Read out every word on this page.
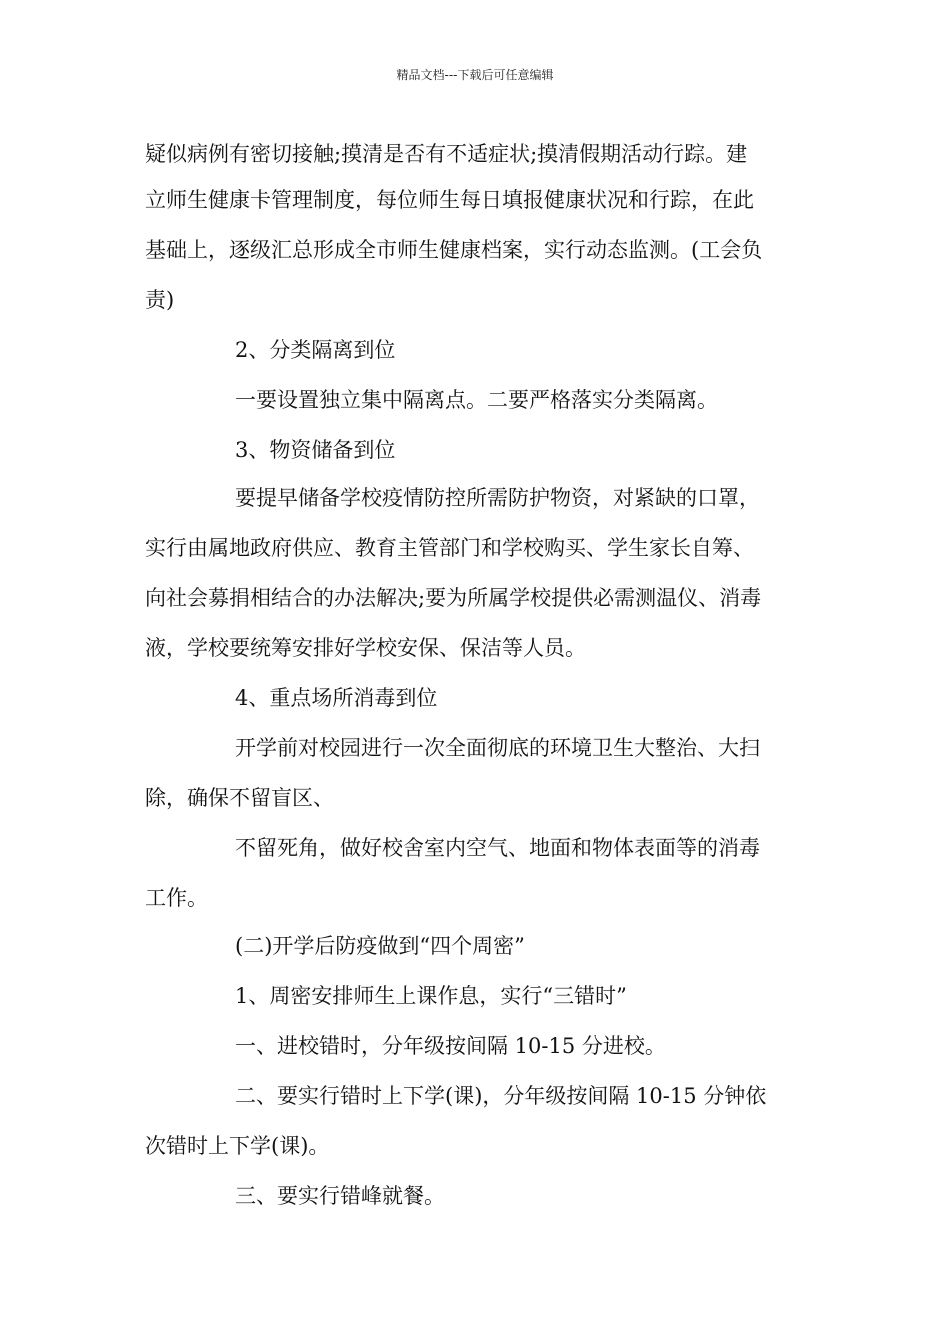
精品文档---下载后可任意编辑
疑似病例有密切接触;摸清是否有不适症状;摸清假期活动行踪。建
立师生健康卡管理制度，每位师生每日填报健康状况和行踪，在此
基础上，逐级汇总形成全市师生健康档案，实行动态监测。(工会负
责)
2、分类隔离到位
一要设置独立集中隔离点。二要严格落实分类隔离。
3、物资储备到位
要提早储备学校疫情防控所需防护物资，对紧缺的口罩，
实行由属地政府供应、教育主管部门和学校购买、学生家长自筹、
向社会募捐相结合的办法解决;要为所属学校提供必需测温仪、消毒
液，学校要统筹安排好学校安保、保洁等人员。
4、重点场所消毒到位
开学前对校园进行一次全面彻底的环境卫生大整治、大扫
除，确保不留盲区、
不留死角，做好校舍室内空气、地面和物体表面等的消毒
工作。
(二)开学后防疫做到“四个周密”
1、周密安排师生上课作息，实行“三错时”
一、进校错时，分年级按间隔 10-15 分进校。
二、要实行错时上下学(课)，分年级按间隔 10-15 分钟依
次错时上下学(课)。
三、要实行错峰就餐。
